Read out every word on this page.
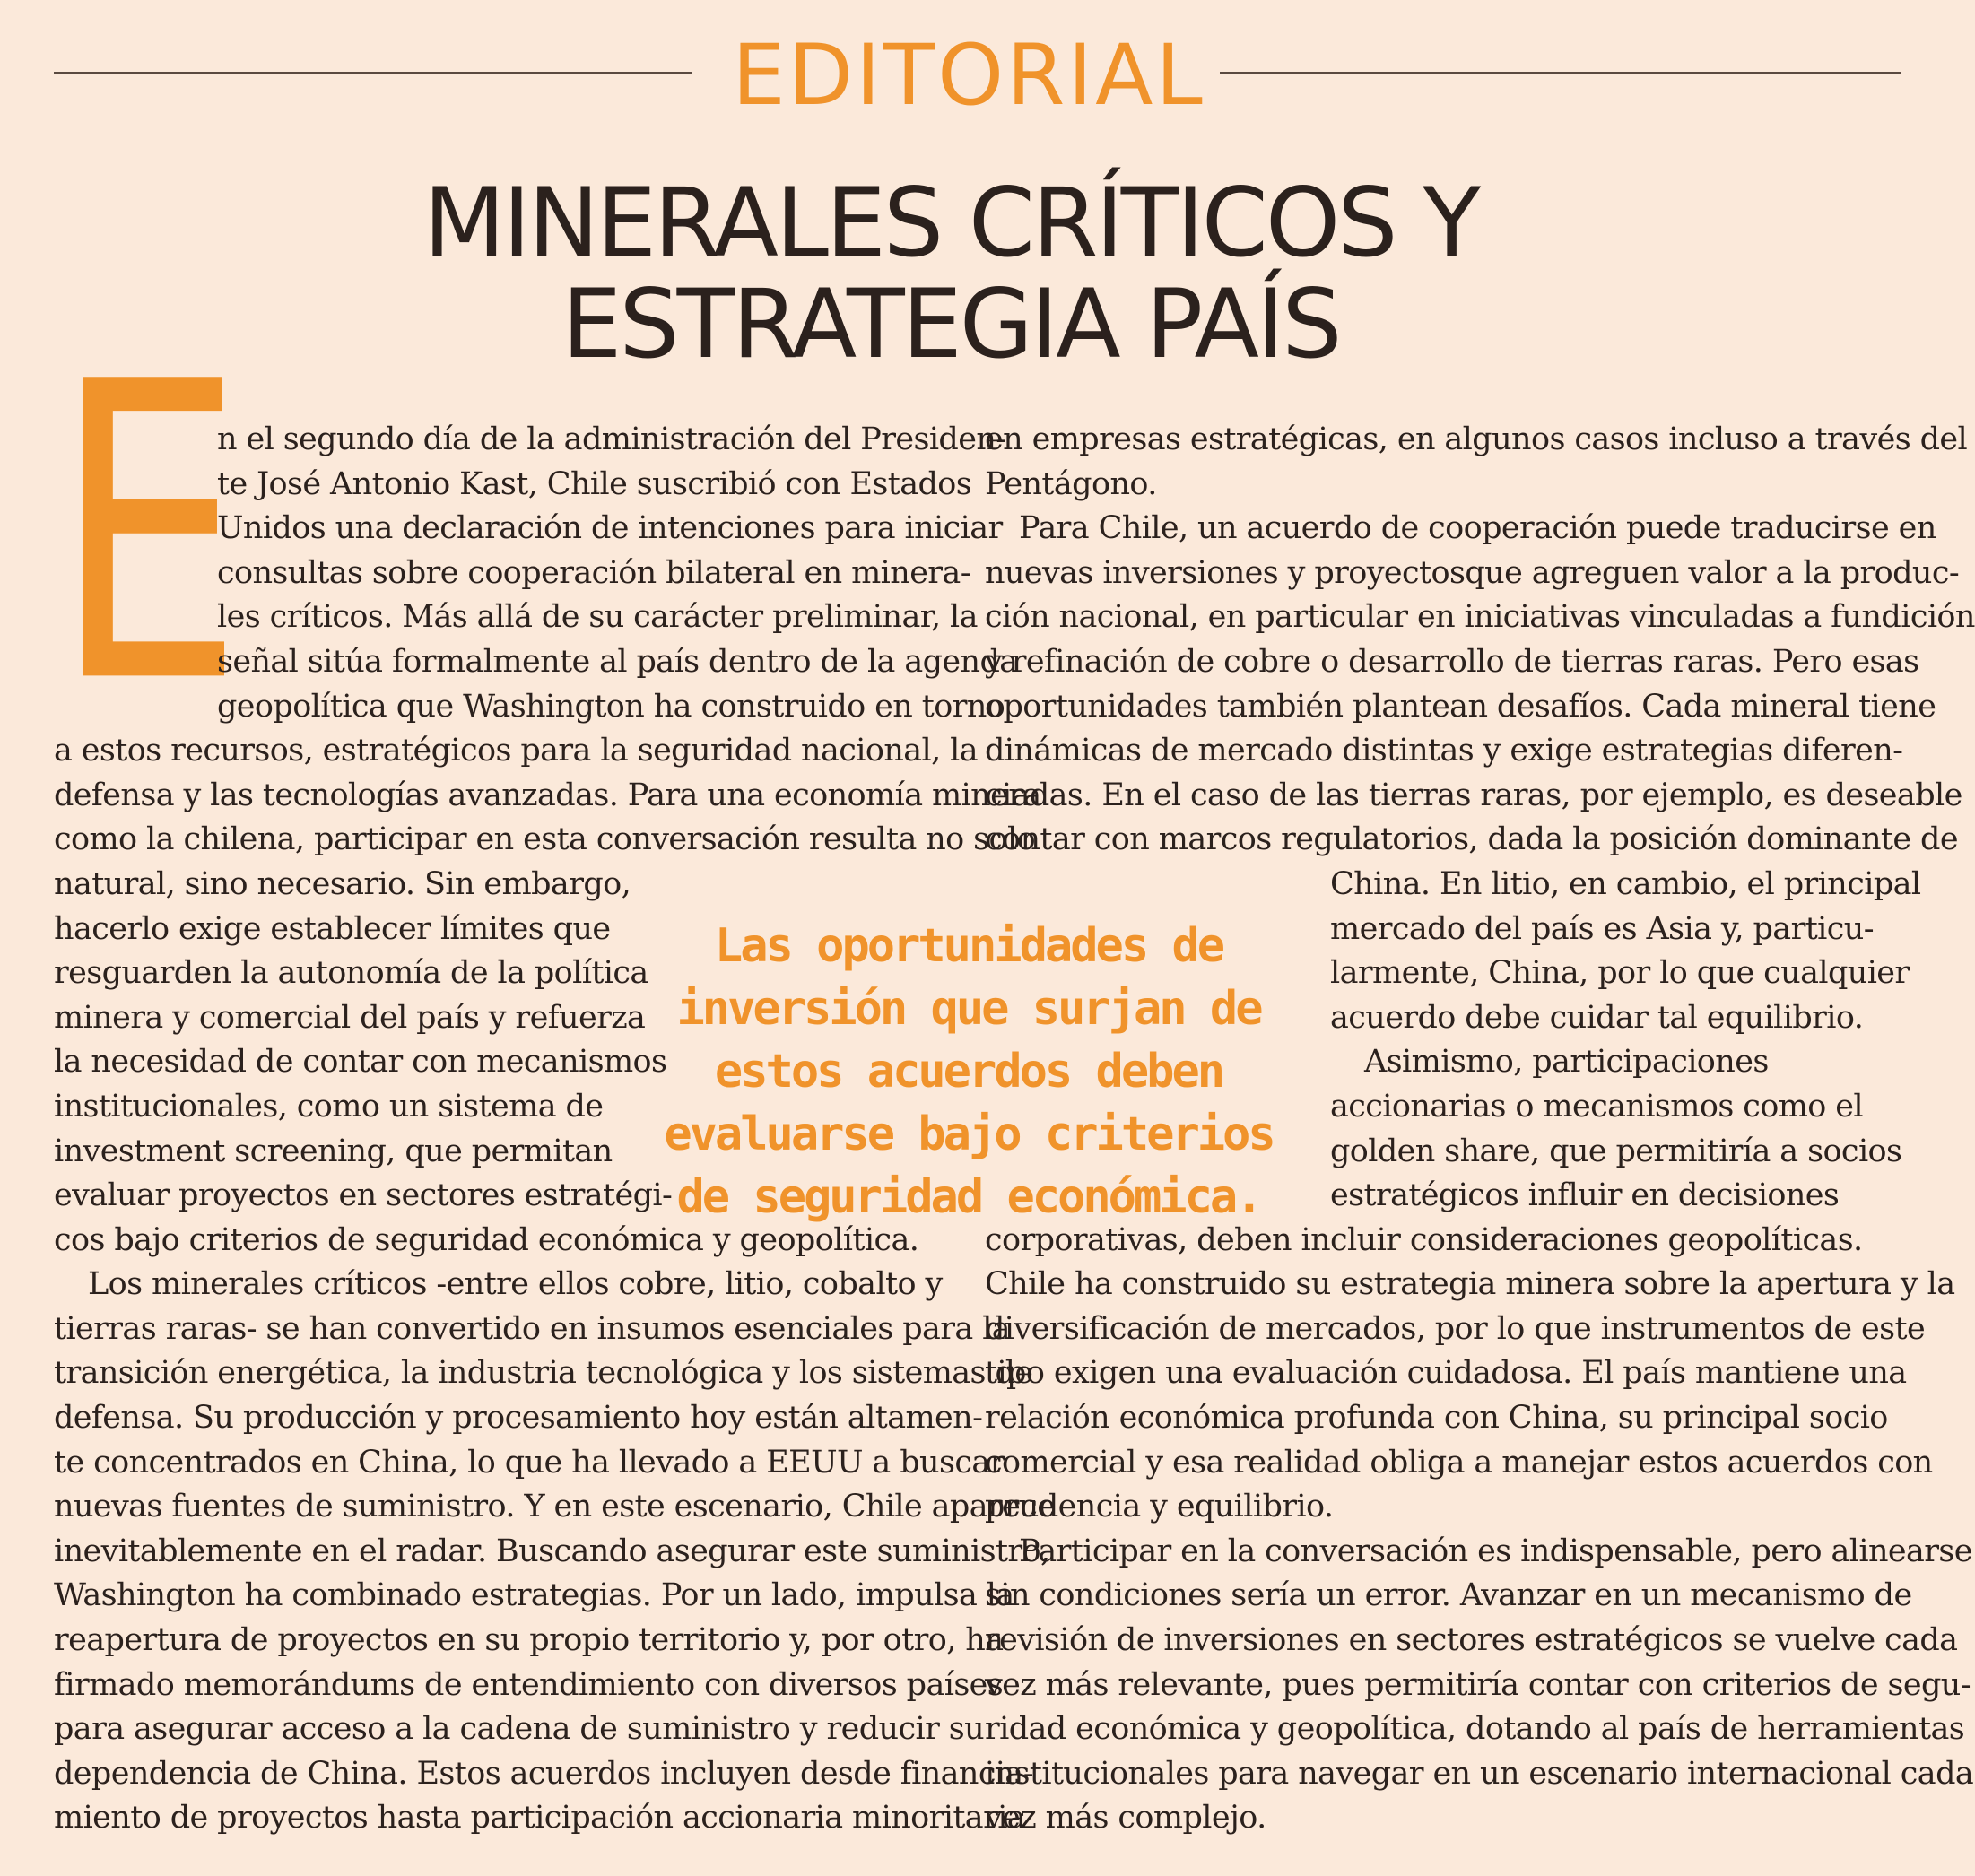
EDITORIAL
MINERALES CRÍTICOS Y
ESTRATEGIA PAÍS
E
n el segundo día de la administración del Presiden-
te José Antonio Kast, Chile suscribió con Estados
Unidos una declaración de intenciones para iniciar
consultas sobre cooperación bilateral en minera-
les críticos. Más allá de su carácter preliminar, la
señal sitúa formalmente al país dentro de la agenda
geopolítica que Washington ha construido en torno
a estos recursos, estratégicos para la seguridad nacional, la
defensa y las tecnologías avanzadas. Para una economía minera
como la chilena, participar en esta conversación resulta no solo
natural, sino necesario. Sin embargo,
hacerlo exige establecer límites que
resguarden la autonomía de la política
minera y comercial del país y refuerza
la necesidad de contar con mecanismos
institucionales, como un sistema de
investment screening, que permitan
evaluar proyectos en sectores estratégi-
cos bajo criterios de seguridad económica y geopolítica.
Los minerales críticos -entre ellos cobre, litio, cobalto y
tierras raras- se han convertido en insumos esenciales para la
transición energética, la industria tecnológica y los sistemas de
defensa. Su producción y procesamiento hoy están altamen-
te concentrados en China, lo que ha llevado a EEUU a buscar
nuevas fuentes de suministro. Y en este escenario, Chile aparece
inevitablemente en el radar. Buscando asegurar este suministro,
Washington ha combinado estrategias. Por un lado, impulsa la
reapertura de proyectos en su propio territorio y, por otro, ha
firmado memorándums de entendimiento con diversos países
para asegurar acceso a la cadena de suministro y reducir su
dependencia de China. Estos acuerdos incluyen desde financia-
miento de proyectos hasta participación accionaria minoritaria
Las oportunidades de inversión que surjan de estos acuerdos deben evaluarse bajo criterios de seguridad económica.
en empresas estratégicas, en algunos casos incluso a través del
Pentágono.
Para Chile, un acuerdo de cooperación puede traducirse en
nuevas inversiones y proyectosque agreguen valor a la produc-
ción nacional, en particular en iniciativas vinculadas a fundición
y refinación de cobre o desarrollo de tierras raras. Pero esas
oportunidades también plantean desafíos. Cada mineral tiene
dinámicas de mercado distintas y exige estrategias diferen-
ciadas. En el caso de las tierras raras, por ejemplo, es deseable
contar con marcos regulatorios, dada la posición dominante de
China. En litio, en cambio, el principal
mercado del país es Asia y, particu-
larmente, China, por lo que cualquier
acuerdo debe cuidar tal equilibrio.
Asimismo, participaciones
accionarias o mecanismos como el
golden share, que permitiría a socios
estratégicos influir en decisiones
corporativas, deben incluir consideraciones geopolíticas.
Chile ha construido su estrategia minera sobre la apertura y la
diversificación de mercados, por lo que instrumentos de este
tipo exigen una evaluación cuidadosa. El país mantiene una
relación económica profunda con China, su principal socio
comercial y esa realidad obliga a manejar estos acuerdos con
prudencia y equilibrio.
Participar en la conversación es indispensable, pero alinearse
sin condiciones sería un error. Avanzar en un mecanismo de
revisión de inversiones en sectores estratégicos se vuelve cada
vez más relevante, pues permitiría contar con criterios de segu-
ridad económica y geopolítica, dotando al país de herramientas
institucionales para navegar en un escenario internacional cada
vez más complejo.
